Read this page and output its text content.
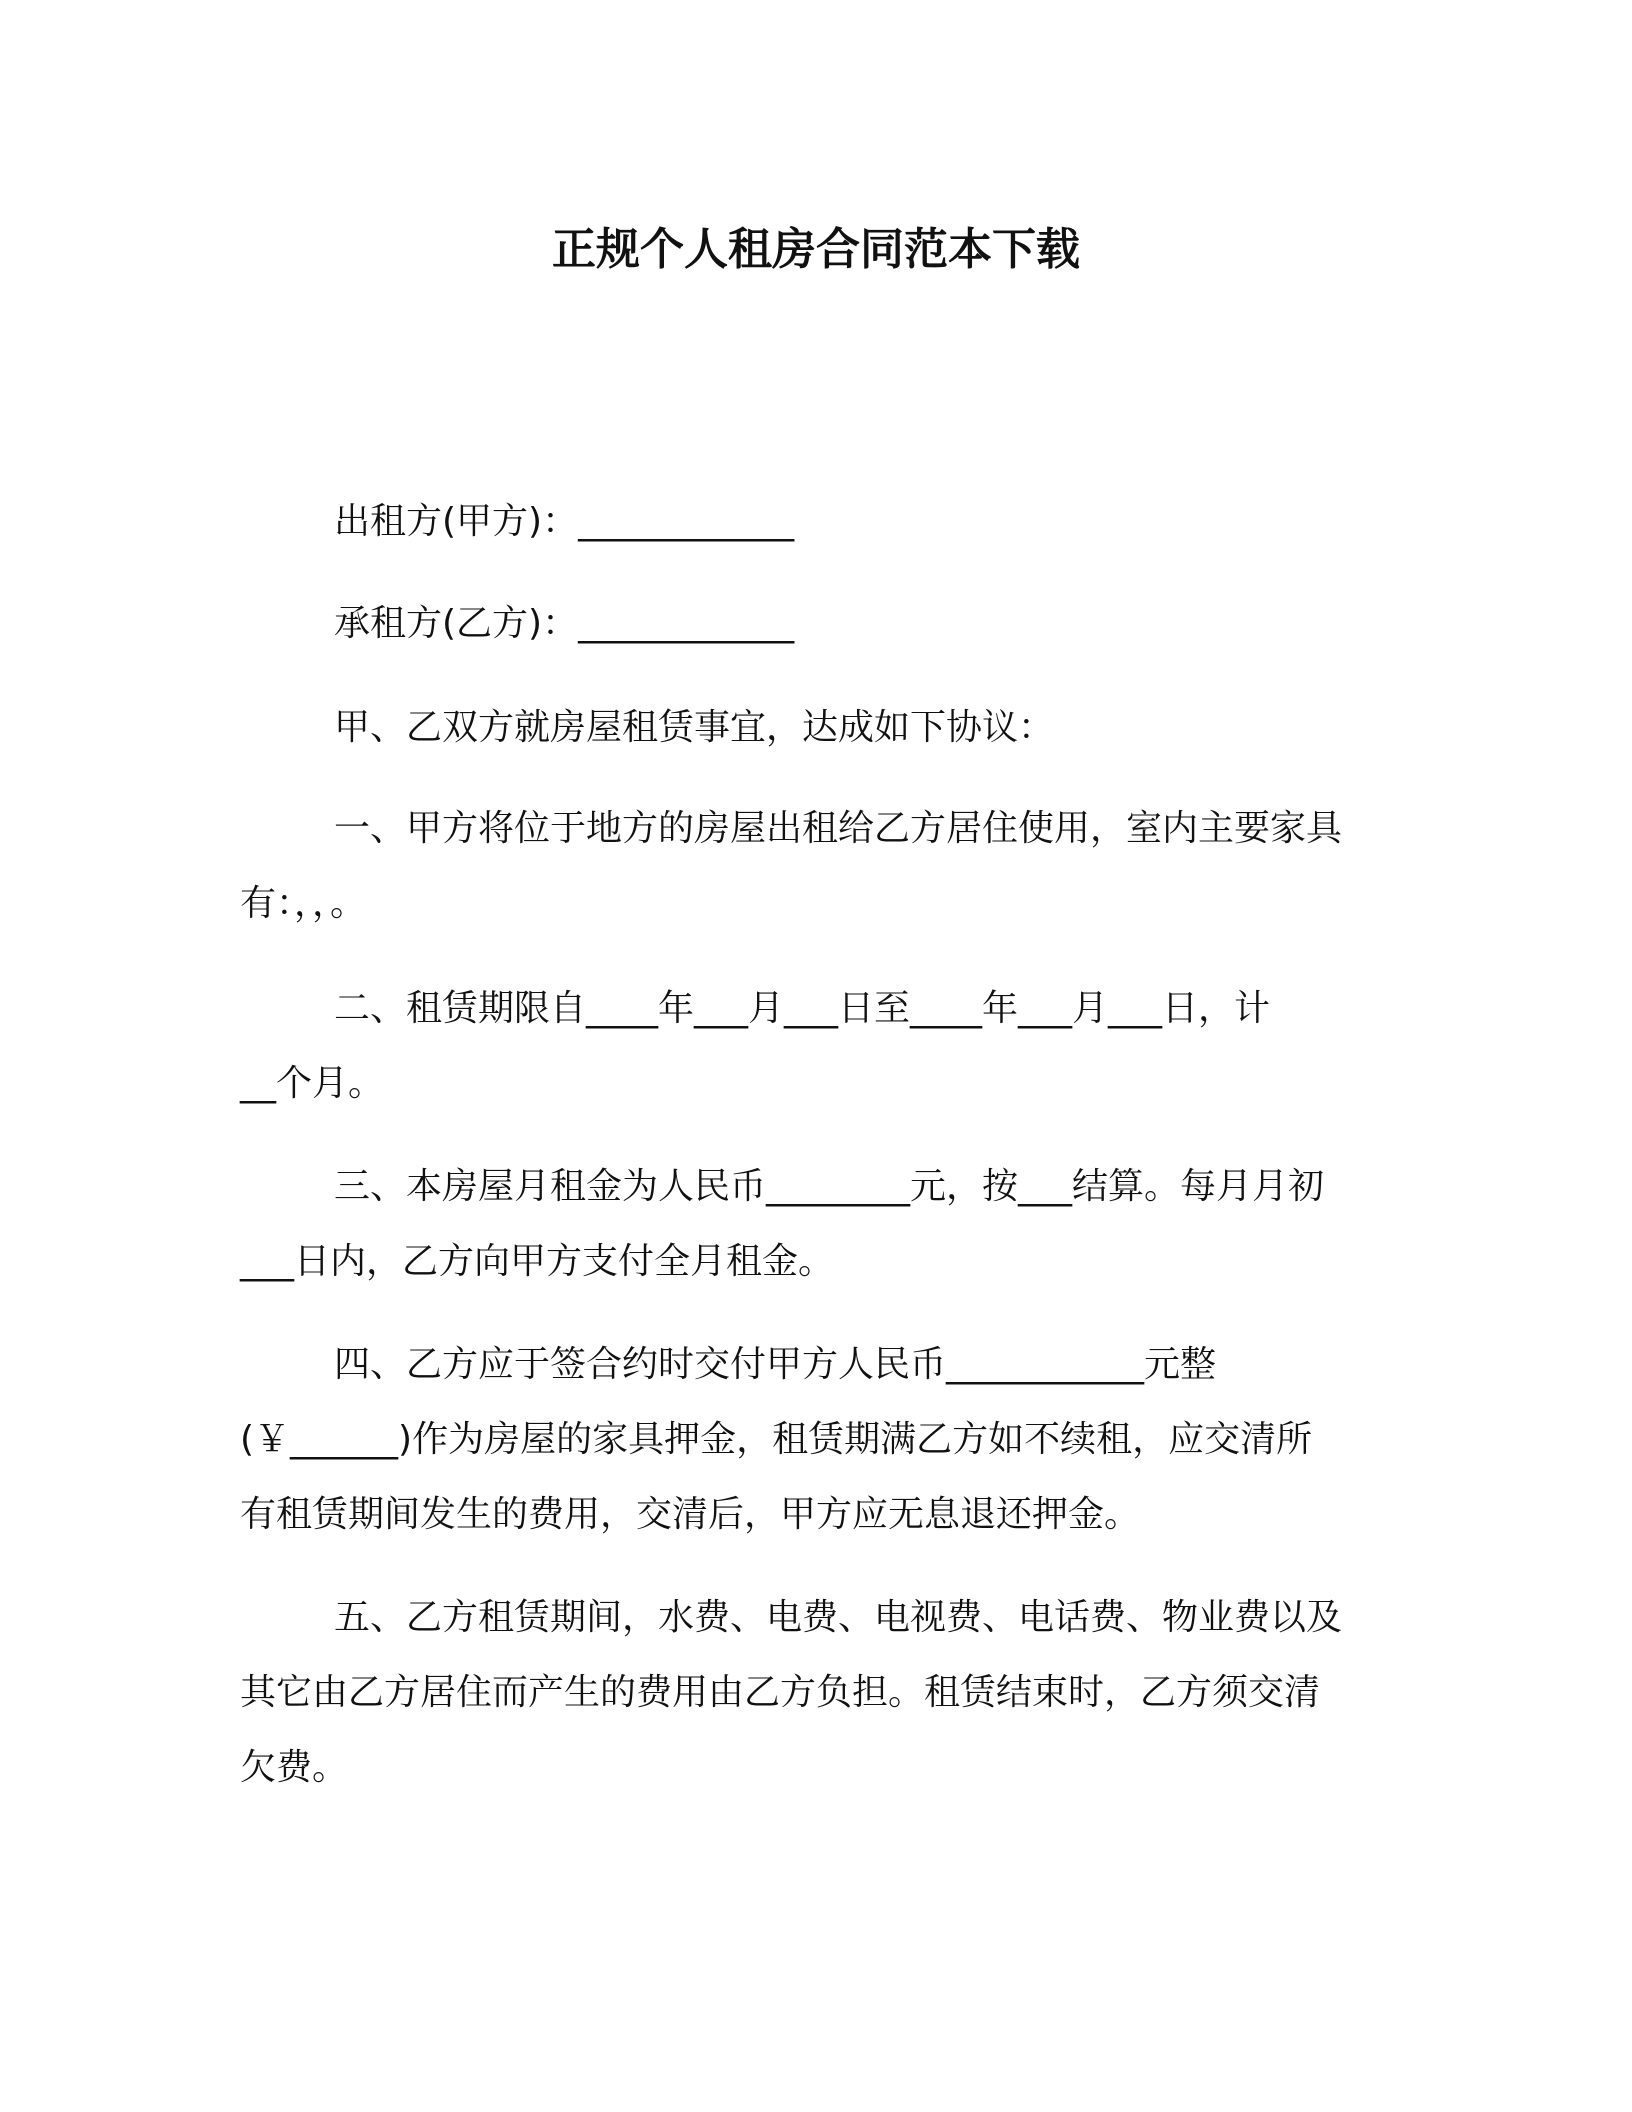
正规个人租房合同范本下载
出租方(甲方)：____________
承租方(乙方)：____________
甲、乙双方就房屋租赁事宜，达成如下协议：
一、甲方将位于地方的房屋出租给乙方居住使用，室内主要家具
有：，，。
二、租赁期限自____年___月___日至____年___月___日，计
__个月。
三、本房屋月租金为人民币________元，按___结算。每月月初
___日内，乙方向甲方支付全月租金。
四、乙方应于签合约时交付甲方人民币___________元整
(￥______)作为房屋的家具押金，租赁期满乙方如不续租，应交清所
有租赁期间发生的费用，交清后，甲方应无息退还押金。
五、乙方租赁期间，水费、电费、电视费、电话费、物业费以及
其它由乙方居住而产生的费用由乙方负担。租赁结束时，乙方须交清
欠费。
